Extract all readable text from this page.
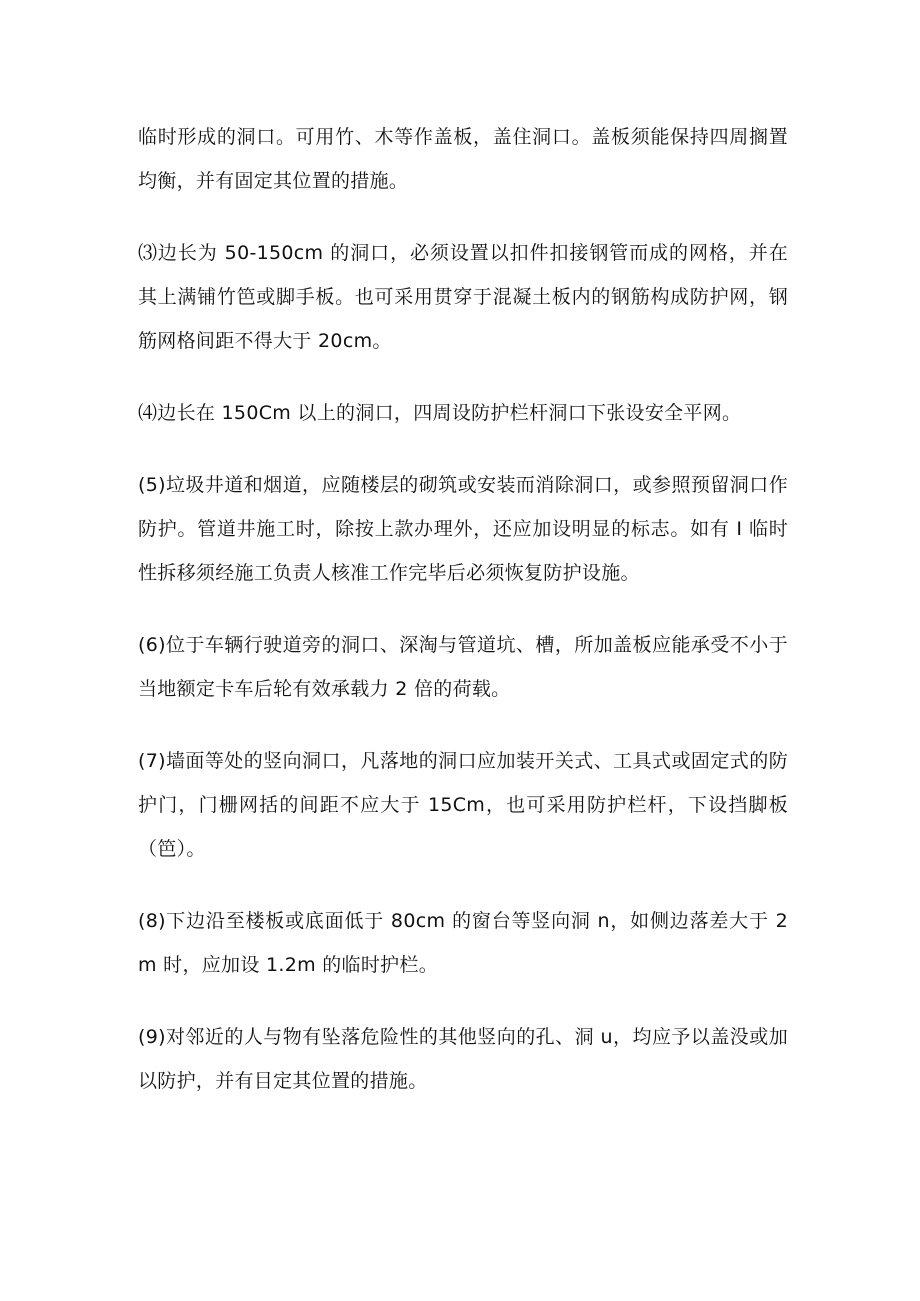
临时形成的洞口。可用竹、木等作盖板，盖住洞口。盖板须能保持四周搁置均衡，并有固定其位置的措施。

⑶边长为 50-150cm 的洞口，必须设置以扣件扣接钢管而成的网格，并在其上满铺竹笆或脚手板。也可采用贯穿于混凝土板内的钢筋构成防护网，钢筋网格间距不得大于 20cm。

⑷边长在 150Cm 以上的洞口，四周设防护栏杆洞口下张设安全平网。

(5)垃圾井道和烟道，应随楼层的砌筑或安装而消除洞口，或参照预留洞口作防护。管道井施工时，除按上款办理外，还应加设明显的标志。如有 I 临时性拆移须经施工负责人核准工作完毕后必须恢复防护设施。

(6)位于车辆行驶道旁的洞口、深淘与管道坑、槽，所加盖板应能承受不小于当地额定卡车后轮有效承载力 2 倍的荷载。

(7)墙面等处的竖向洞口，凡落地的洞口应加装开关式、工具式或固定式的防护门，门栅网括的间距不应大于 15Cm，也可采用防护栏杆，下设挡脚板（笆）。

(8)下边沿至楼板或底面低于 80cm 的窗台等竖向洞 n，如侧边落差大于 2m 时，应加设 1.2m 的临时护栏。

(9)对邻近的人与物有坠落危险性的其他竖向的孔、洞 u，均应予以盖没或加以防护，并有目定其位置的措施。
